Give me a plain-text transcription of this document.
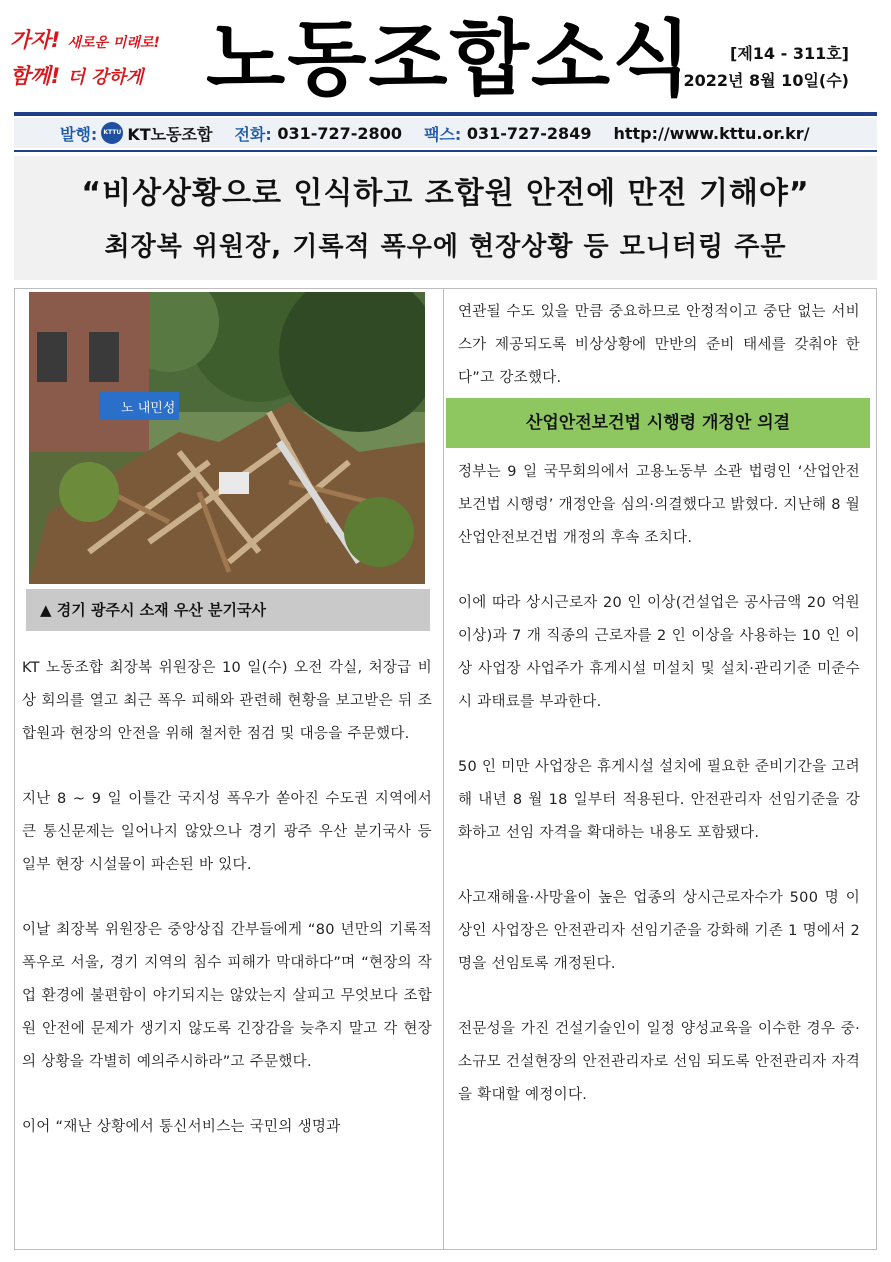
가자! 새로운 미래로!
함께! 더 강하게 노동조합소식	[제14 - 311호]
2022년 8월 10일(수)
발행:	KTTU KT노동조합 전화:
031-727-2800 팩스:
031-727-2849 http://www.kttu.or.kr/
“비상상황으로 인식하고 조합원 안전에 만전 기해야”
최장복 위원장, 기록적 폭우에 현장상황 등 모니터링 주문
노 내민성
▲ 경기 광주시 소재 우산 분기국사

KT 노동조합 최장복 위원장은 10 일(수) 오전 각실, 처장급 비상 회의를 열고 최근 폭우 피해와 관련해 현황을 보고받은 뒤 조합원과 현장의 안전을 위해 철저한 점검 및 대응을 주문했다.

지난 8 ~ 9 일 이틀간 국지성 폭우가 쏟아진 수도권 지역에서 큰 통신문제는 일어나지 않았으나 경기 광주 우산 분기국사 등 일부 현장 시설물이 파손된 바 있다.

이날 최장복 위원장은 중앙상집 간부들에게 “80 년만의 기록적 폭우로 서울, 경기 지역의 침수 피해가 막대하다”며 “현장의 작업 환경에 불편함이 야기되지는 않았는지 살피고 무엇보다 조합원 안전에 문제가 생기지 않도록 긴장감을 늦추지 말고 각 현장의 상황을 각별히 예의주시하라”고 주문했다.

이어 “재난 상황에서 통신서비스는 국민의 생명과

연관될 수도 있을 만큼 중요하므로 안정적이고 중단 없는 서비스가 제공되도록 비상상황에 만반의 준비 태세를 갖춰야 한다”고 강조했다.

산업안전보건법 시행령 개정안 의결

정부는 9 일 국무회의에서 고용노동부 소관 법령인 ‘산업안전보건법 시행령’ 개정안을 심의·의결했다고 밝혔다. 지난해 8 월 산업안전보건법 개정의 후속 조치다.

이에 따라 상시근로자 20 인 이상(건설업은 공사금액 20 억원 이상)과 7 개 직종의 근로자를 2 인 이상을 사용하는 10 인 이상 사업장 사업주가 휴게시설 미설치 및 설치·관리기준 미준수 시 과태료를 부과한다.

50 인 미만 사업장은 휴게시설 설치에 필요한 준비기간을 고려해 내년 8 월 18 일부터 적용된다. 안전관리자 선임기준을 강화하고 선임 자격을 확대하는 내용도 포함됐다.

사고재해율·사망율이 높은 업종의 상시근로자수가 500 명 이상인 사업장은 안전관리자 선임기준을 강화해 기존 1 명에서 2 명을 선임토록 개정된다.

전문성을 가진 건설기술인이 일정 양성교육을 이수한 경우 중·소규모 건설현장의 안전관리자로 선임 되도록 안전관리자 자격을 확대할 예정이다.
